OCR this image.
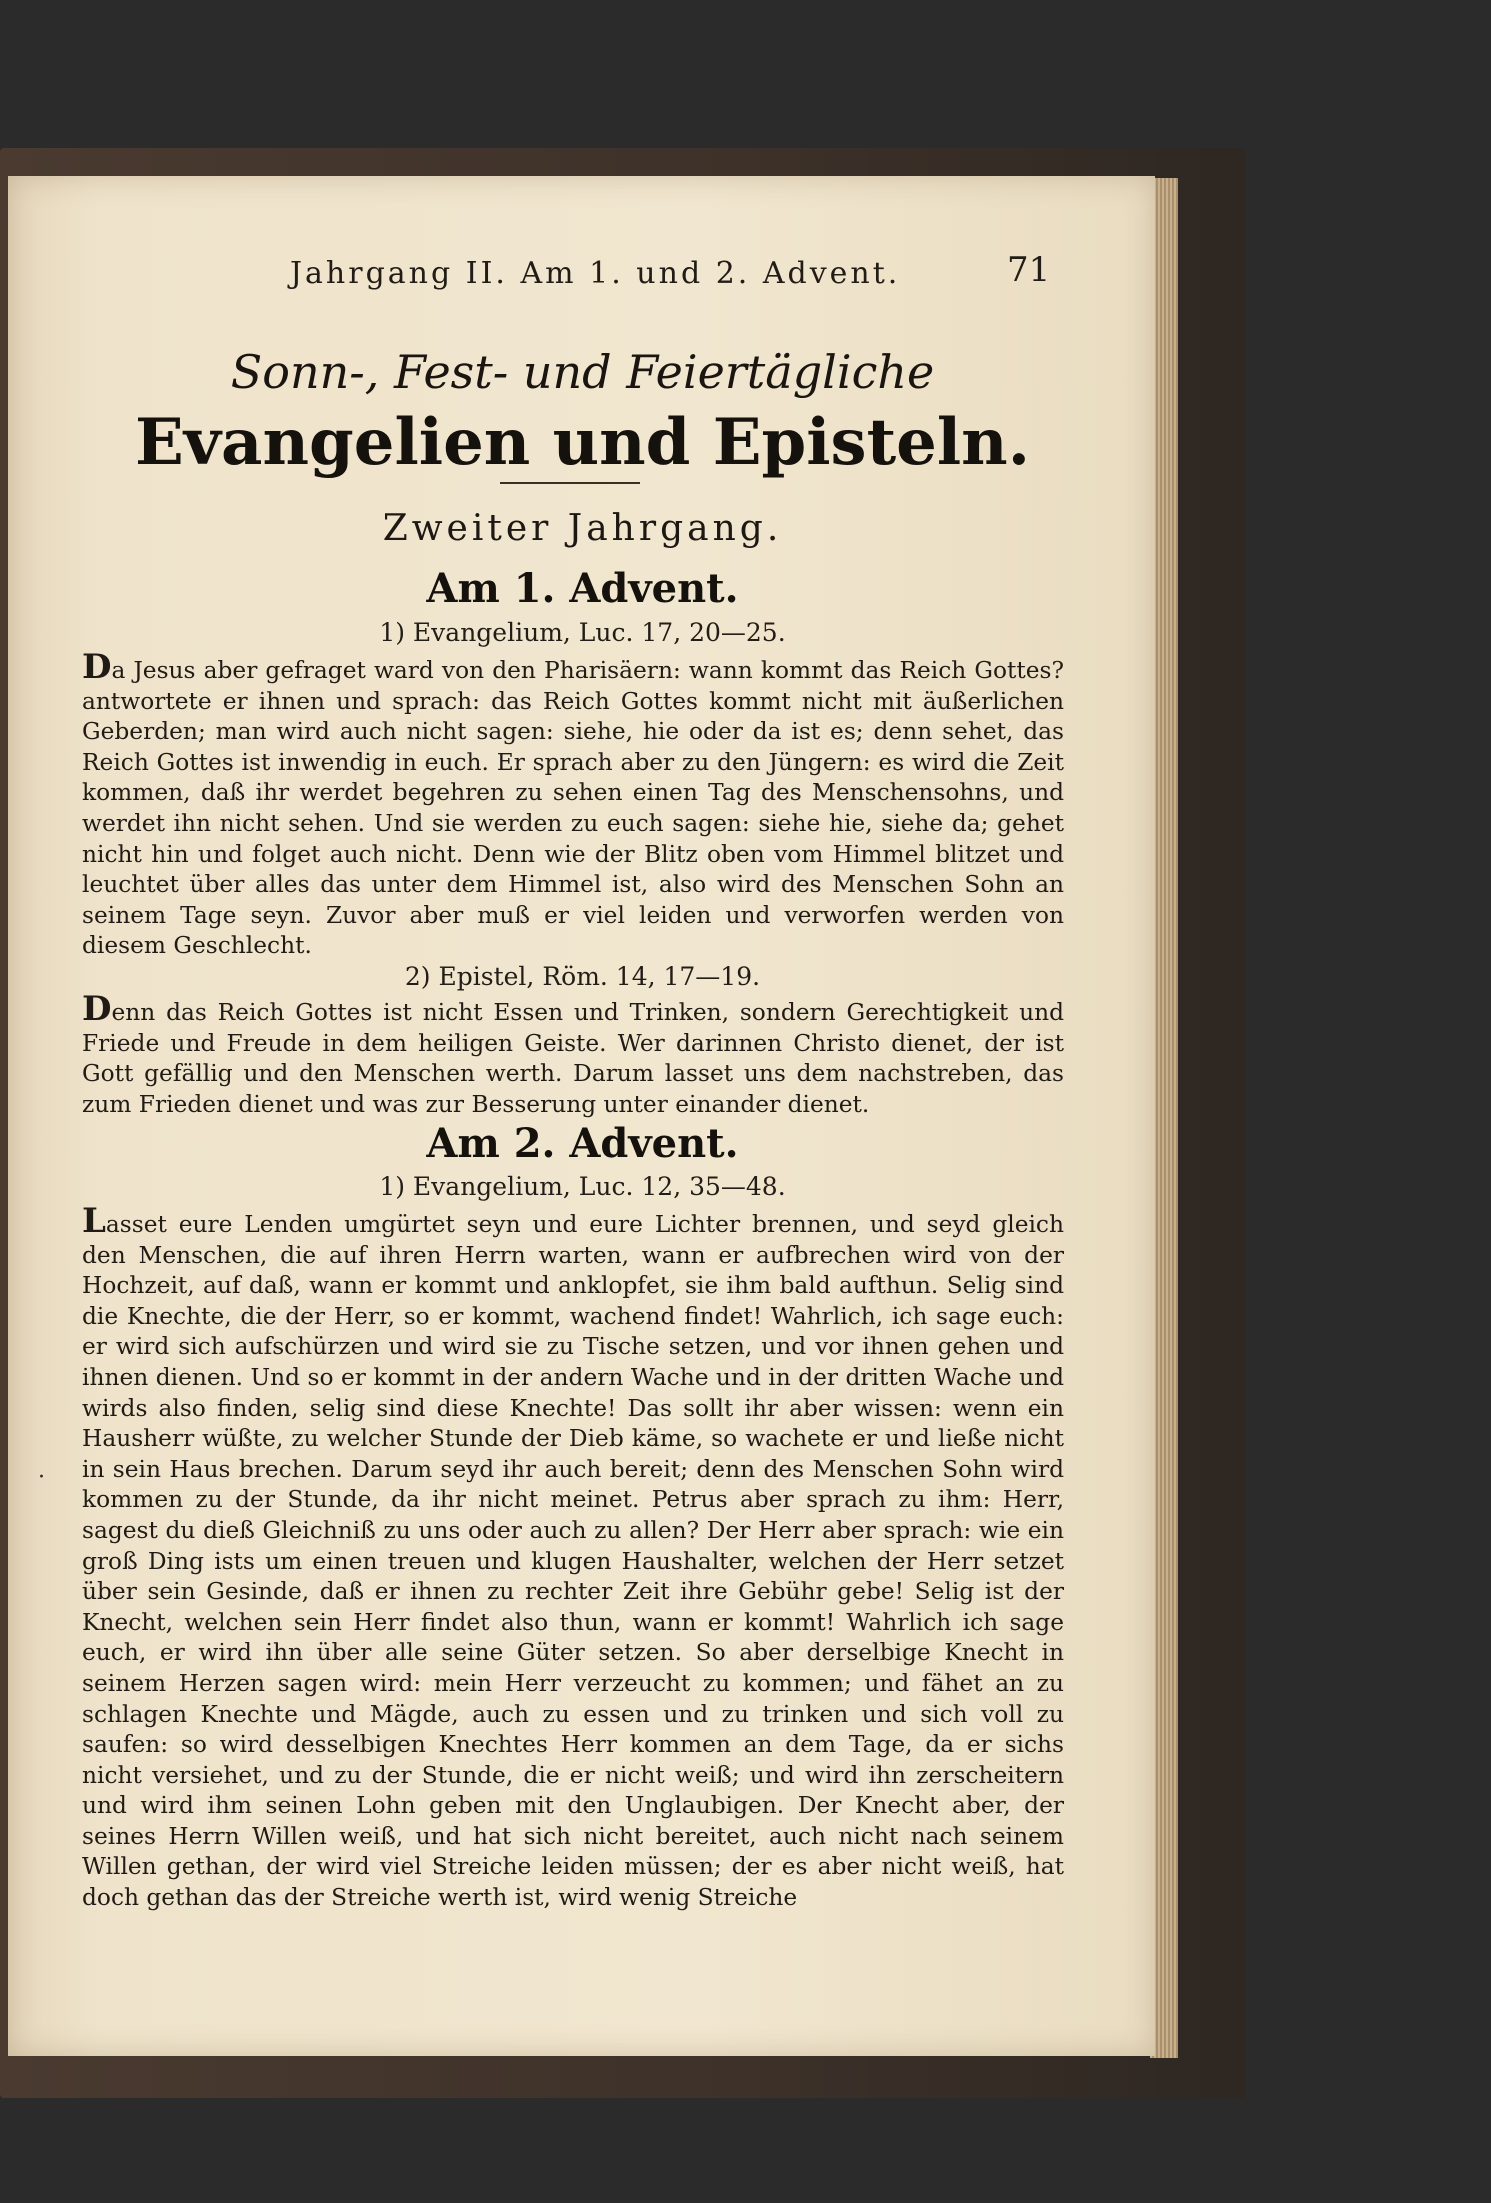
Jahrgang II. Am 1. und 2. Advent.	71
Sonn-, Fest- und Feiertägliche
Evangelien und Episteln.
Zweiter Jahrgang.
Am 1. Advent.
1) Evangelium, Luc. 17, 20—25.

Da Jesus aber gefraget ward von den Pharisäern: wann kommt das Reich Gottes? antwortete er ihnen und sprach: das Reich Gottes kommt nicht mit äußerlichen Geberden; man wird auch nicht sagen: siehe, hie oder da ist es; denn sehet, das Reich Gottes ist inwendig in euch. Er sprach aber zu den Jüngern: es wird die Zeit kommen, daß ihr werdet begehren zu sehen einen Tag des Menschensohns, und werdet ihn nicht sehen. Und sie werden zu euch sagen: siehe hie, siehe da; gehet nicht hin und folget auch nicht. Denn wie der Blitz oben vom Himmel blitzet und leuchtet über alles das unter dem Himmel ist, also wird des Menschen Sohn an seinem Tage seyn. Zuvor aber muß er viel leiden und verworfen werden von diesem Geschlecht.

2) Epistel, Röm. 14, 17—19.

Denn das Reich Gottes ist nicht Essen und Trinken, sondern Gerechtigkeit und Friede und Freude in dem heiligen Geiste. Wer darinnen Christo dienet, der ist Gott gefällig und den Menschen werth. Darum lasset uns dem nachstreben, das zum Frieden dienet und was zur Besserung unter einander dienet.

Am 2. Advent.
1) Evangelium, Luc. 12, 35—48.

Lasset eure Lenden umgürtet seyn und eure Lichter brennen, und seyd gleich den Menschen, die auf ihren Herrn warten, wann er aufbrechen wird von der Hochzeit, auf daß, wann er kommt und anklopfet, sie ihm bald aufthun. Selig sind die Knechte, die der Herr, so er kommt, wachend findet! Wahrlich, ich sage euch: er wird sich aufschürzen und wird sie zu Tische setzen, und vor ihnen gehen und ihnen dienen. Und so er kommt in der andern Wache und in der dritten Wache und wirds also finden, selig sind diese Knechte! Das sollt ihr aber wissen: wenn ein Hausherr wüßte, zu welcher Stunde der Dieb käme, so wachete er und ließe nicht in sein Haus brechen. Darum seyd ihr auch bereit; denn des Menschen Sohn wird kommen zu der Stunde, da ihr nicht meinet. Petrus aber sprach zu ihm: Herr, sagest du dieß Gleichniß zu uns oder auch zu allen? Der Herr aber sprach: wie ein groß Ding ists um einen treuen und klugen Haushalter, welchen der Herr setzet über sein Gesinde, daß er ihnen zu rechter Zeit ihre Gebühr gebe! Selig ist der Knecht, welchen sein Herr findet also thun, wann er kommt! Wahrlich ich sage euch, er wird ihn über alle seine Güter setzen. So aber derselbige Knecht in seinem Herzen sagen wird: mein Herr verzeucht zu kommen; und fähet an zu schlagen Knechte und Mägde, auch zu essen und zu trinken und sich voll zu saufen: so wird desselbigen Knechtes Herr kommen an dem Tage, da er sichs nicht versiehet, und zu der Stunde, die er nicht weiß; und wird ihn zerscheitern und wird ihm seinen Lohn geben mit den Unglaubigen. Der Knecht aber, der seines Herrn Willen weiß, und hat sich nicht bereitet, auch nicht nach seinem Willen gethan, der wird viel Streiche leiden müssen; der es aber nicht weiß, hat doch gethan das der Streiche werth ist, wird wenig Streiche

·
